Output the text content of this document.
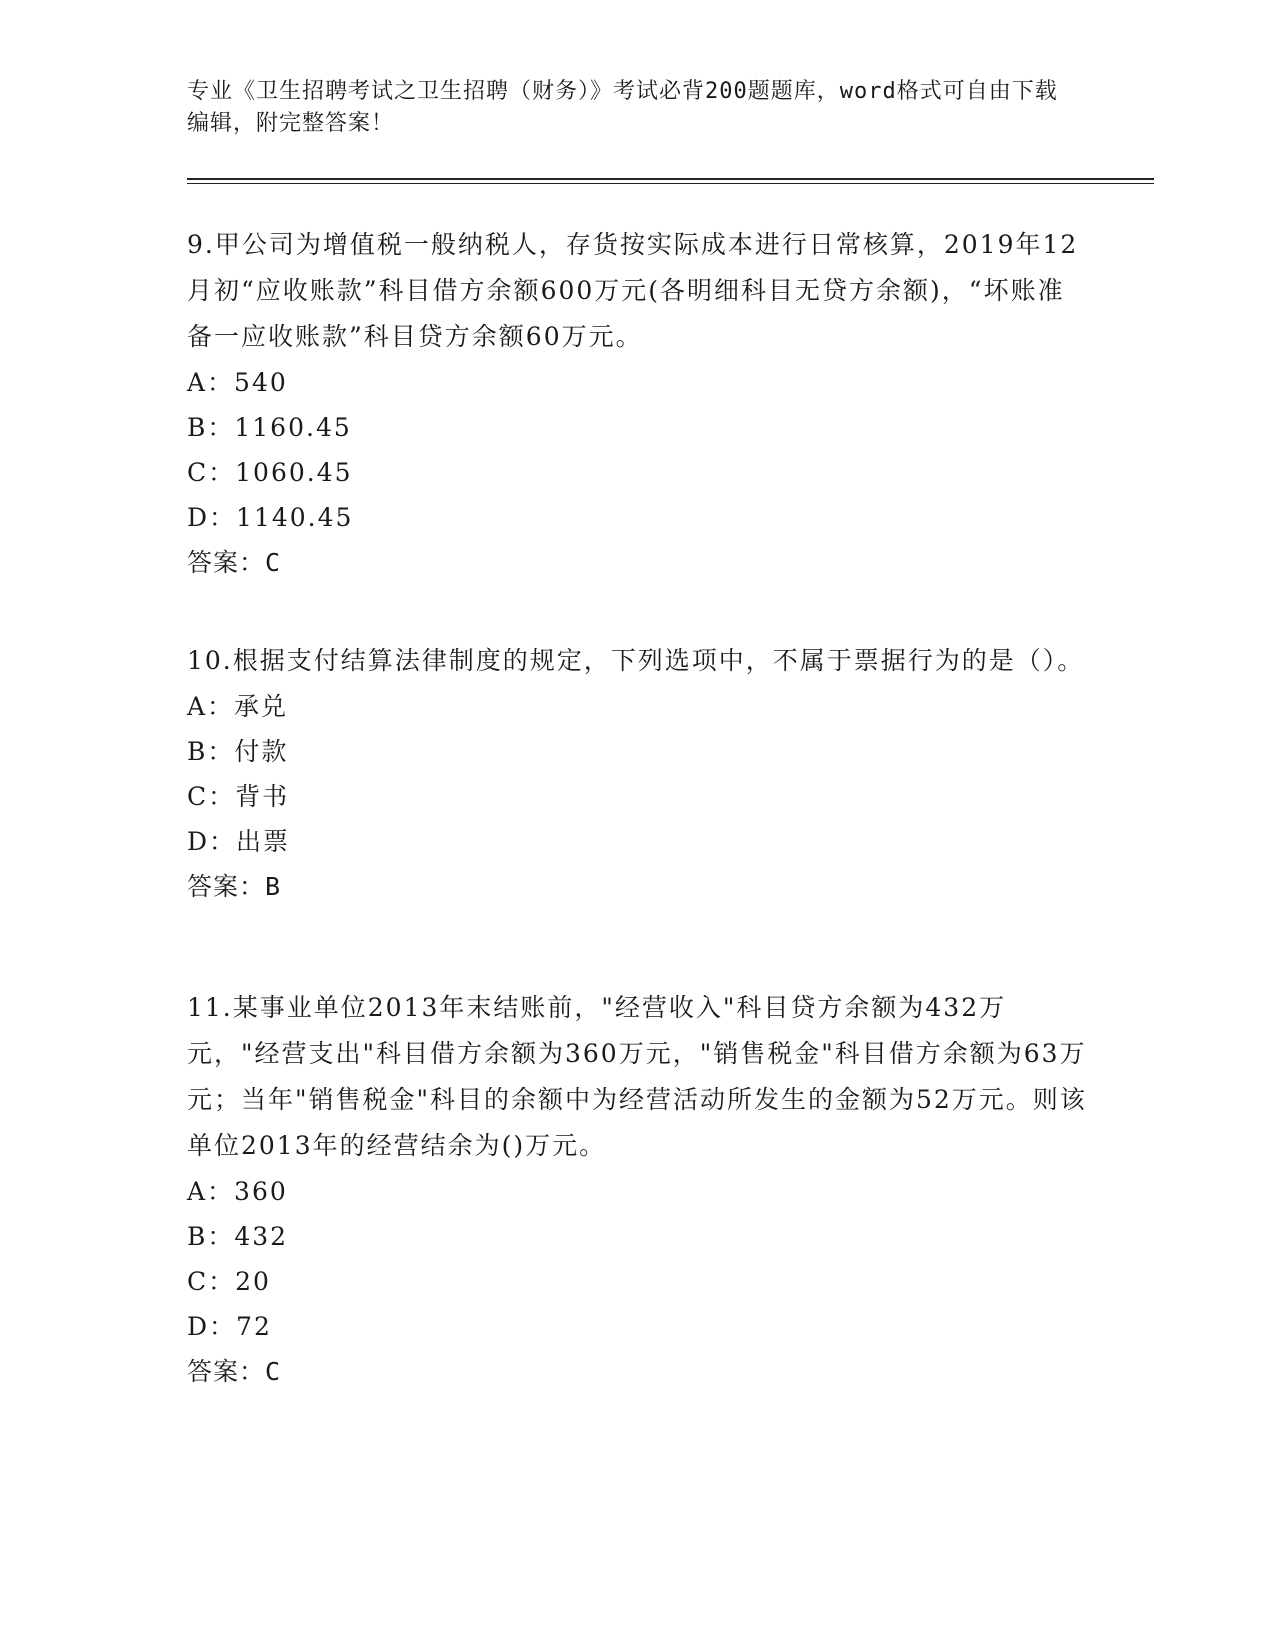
专业《卫生招聘考试之卫生招聘（财务）》考试必背200题题库，word格式可自由下载编辑，附完整答案！

9.甲公司为增值税一般纳税人，存货按实际成本进行日常核算，2019年12月初“应收账款”科目借方余额600万元(各明细科目无贷方余额)，“坏账准备一应收账款”科目贷方余额60万元。

A：540

B：1160.45

C：1060.45

D：1140.45

答案：C

10.根据支付结算法律制度的规定，下列选项中，不属于票据行为的是（）。

A：承兑

B：付款

C：背书

D：出票

答案：B

11.某事业单位2013年末结账前，"经营收入"科目贷方余额为432万元，"经营支出"科目借方余额为360万元，"销售税金"科目借方余额为63万元；当年"销售税金"科目的余额中为经营活动所发生的金额为52万元。则该单位2013年的经营结余为()万元。

A：360

B：432

C：20

D：72

答案：C
